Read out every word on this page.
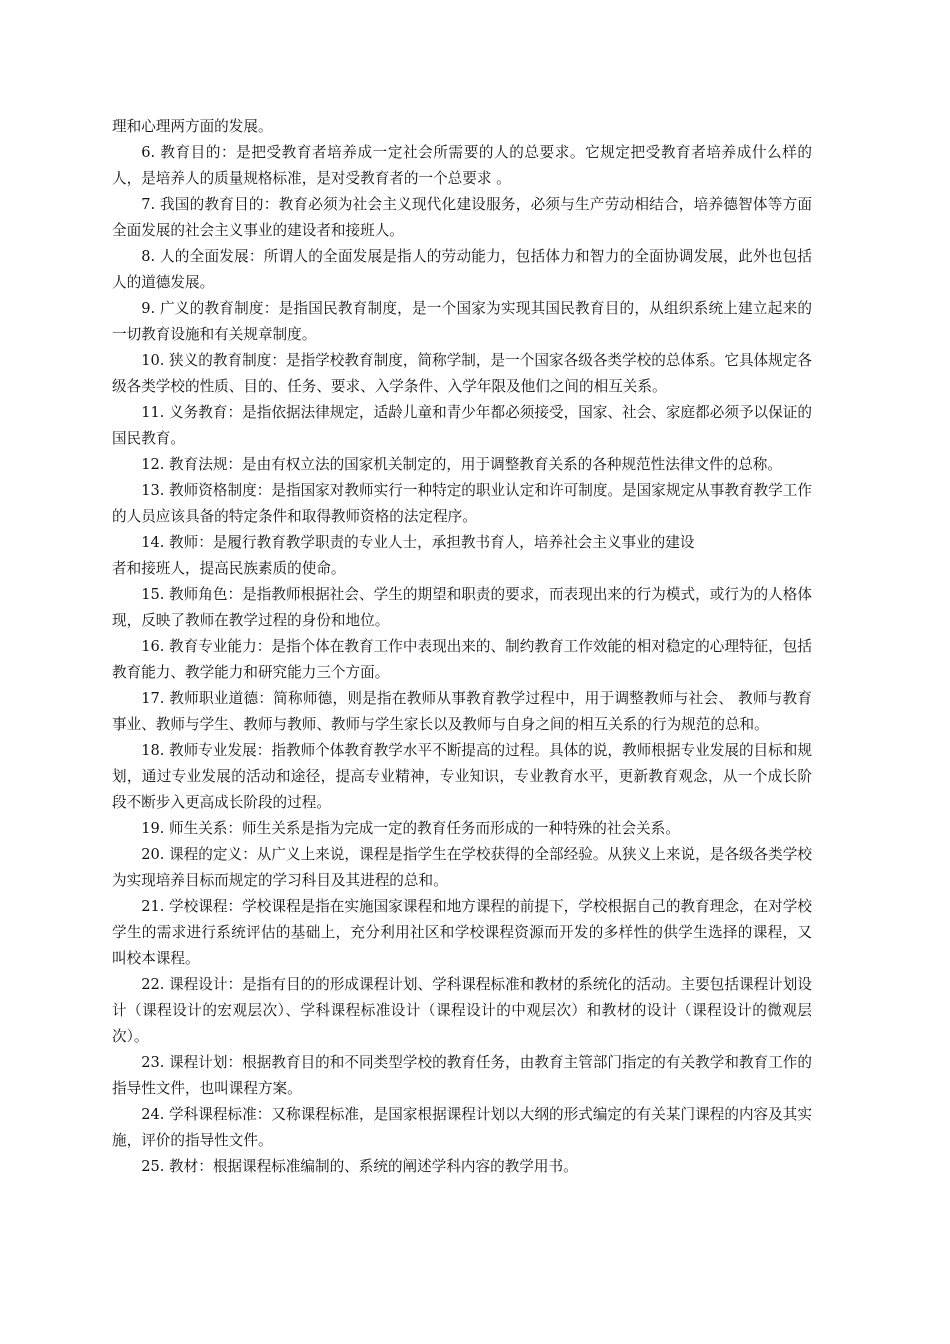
理和心理两方面的发展。

6. 教育目的：是把受教育者培养成一定社会所需要的人的总要求。它规定把受教育者培养成什么样的人，是培养人的质量规格标准，是对受教育者的一个总要求 。

7. 我国的教育目的：教育必须为社会主义现代化建设服务，必须与生产劳动相结合，培养德智体等方面全面发展的社会主义事业的建设者和接班人。

8. 人的全面发展：所谓人的全面发展是指人的劳动能力，包括体力和智力的全面协调发展，此外也包括人的道德发展。

9. 广义的教育制度：是指国民教育制度，是一个国家为实现其国民教育目的，从组织系统上建立起来的一切教育设施和有关规章制度。

10. 狭义的教育制度：是指学校教育制度，简称学制，是一个国家各级各类学校的总体系。它具体规定各级各类学校的性质、目的、任务、要求、入学条件、入学年限及他们之间的相互关系。

11. 义务教育：是指依据法律规定，适龄儿童和青少年都必须接受，国家、社会、家庭都必须予以保证的国民教育。

12. 教育法规：是由有权立法的国家机关制定的，用于调整教育关系的各种规范性法律文件的总称。

13. 教师资格制度：是指国家对教师实行一种特定的职业认定和许可制度。是国家规定从事教育教学工作的人员应该具备的特定条件和取得教师资格的法定程序。

14. 教师：是履行教育教学职责的专业人士，承担教书育人，培养社会主义事业的建设

者和接班人，提高民族素质的使命。

15. 教师角色：是指教师根据社会、学生的期望和职责的要求，而表现出来的行为模式，或行为的人格体现，反映了教师在教学过程的身份和地位。

16. 教育专业能力：是指个体在教育工作中表现出来的、制约教育工作效能的相对稳定的心理特征，包括教育能力、教学能力和研究能力三个方面。

17. 教师职业道德：简称师德，则是指在教师从事教育教学过程中，用于调整教师与社会、 教师与教育事业、教师与学生、教师与教师、教师与学生家长以及教师与自身之间的相互关系的行为规范的总和。

18. 教师专业发展：指教师个体教育教学水平不断提高的过程。具体的说，教师根据专业发展的目标和规划，通过专业发展的活动和途径，提高专业精神，专业知识，专业教育水平，更新教育观念，从一个成长阶段不断步入更高成长阶段的过程。

19. 师生关系：师生关系是指为完成一定的教育任务而形成的一种特殊的社会关系。

20. 课程的定义：从广义上来说，课程是指学生在学校获得的全部经验。从狭义上来说，是各级各类学校为实现培养目标而规定的学习科目及其进程的总和。

21. 学校课程：学校课程是指在实施国家课程和地方课程的前提下，学校根据自己的教育理念，在对学校学生的需求进行系统评估的基础上，充分利用社区和学校课程资源而开发的多样性的供学生选择的课程，又叫校本课程。

22. 课程设计：是指有目的的形成课程计划、学科课程标准和教材的系统化的活动。主要包括课程计划设计（课程设计的宏观层次）、学科课程标准设计（课程设计的中观层次）和教材的设计（课程设计的微观层次）。

23. 课程计划：根据教育目的和不同类型学校的教育任务，由教育主管部门指定的有关教学和教育工作的指导性文件，也叫课程方案。

24. 学科课程标准：又称课程标准，是国家根据课程计划以大纲的形式编定的有关某门课程的内容及其实施，评价的指导性文件。

25. 教材：根据课程标准编制的、系统的阐述学科内容的教学用书。
